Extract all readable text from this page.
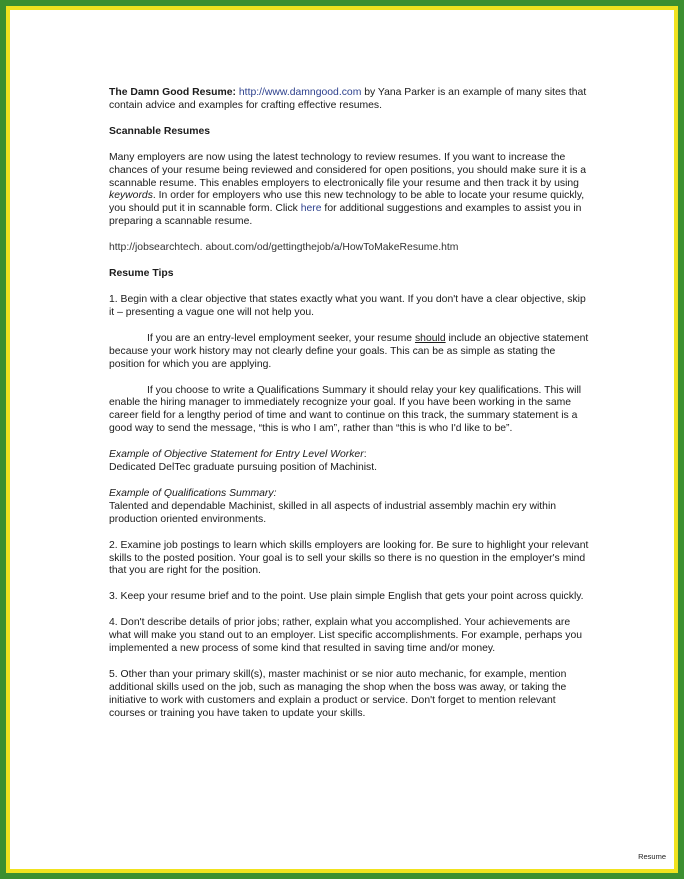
The Damn Good Resume: http://www.damngood.com by Yana Parker is an example of many sites that contain advice and examples for crafting effective resumes.

Scannable Resumes

Many employers are now using the latest technology to review resumes. If you want to increase the chances of your resume being reviewed and considered for open positions, you should make sure it is a scannable resume. This enables employers to electronically file your resume and then track it by using keywords. In order for employers who use this new technology to be able to locate your resume quickly, you should put it in scannable form. Click here for additional suggestions and examples to assist you in preparing a scannable resume.

http://jobsearchtech. about.com/od/gettingthejob/a/HowToMakeResume.htm

Resume Tips

1. Begin with a clear objective that states exactly what you want. If you don't have a clear objective, skip it – presenting a vague one will not help you.

If you are an entry-level employment seeker, your resume should include an objective statement because your work history may not clearly define your goals. This can be as simple as stating the position for which you are applying.

If you choose to write a Qualifications Summary it should relay your key qualifications. This will enable the hiring manager to immediately recognize your goal. If you have been working in the same career field for a lengthy period of time and want to continue on this track, the summary statement is a good way to send the message, “this is who I am”, rather than “this is who I'd like to be”.

Example of Objective Statement for Entry Level Worker:

Dedicated DelTec graduate pursuing position of Machinist.

Example of Qualifications Summary:

Talented and dependable Machinist, skilled in all aspects of industrial assembly machin ery within production oriented environments.

2. Examine job postings to learn which skills employers are looking for. Be sure to highlight your relevant skills to the posted position. Your goal is to sell your skills so there is no question in the employer's mind that you are right for the position.

3. Keep your resume brief and to the point. Use plain simple English that gets your point across quickly.

4. Don't describe details of prior jobs; rather, explain what you accomplished. Your achievements are what will make you stand out to an employer. List specific accomplishments. For example, perhaps you implemented a new process of some kind that resulted in saving time and/or money.

5. Other than your primary skill(s), master machinist or se nior auto mechanic, for example, mention additional skills used on the job, such as managing the shop when the boss was away, or taking the initiative to work with customers and explain a product or service. Don't forget to mention relevant courses or training you have taken to update your skills.

Resume
